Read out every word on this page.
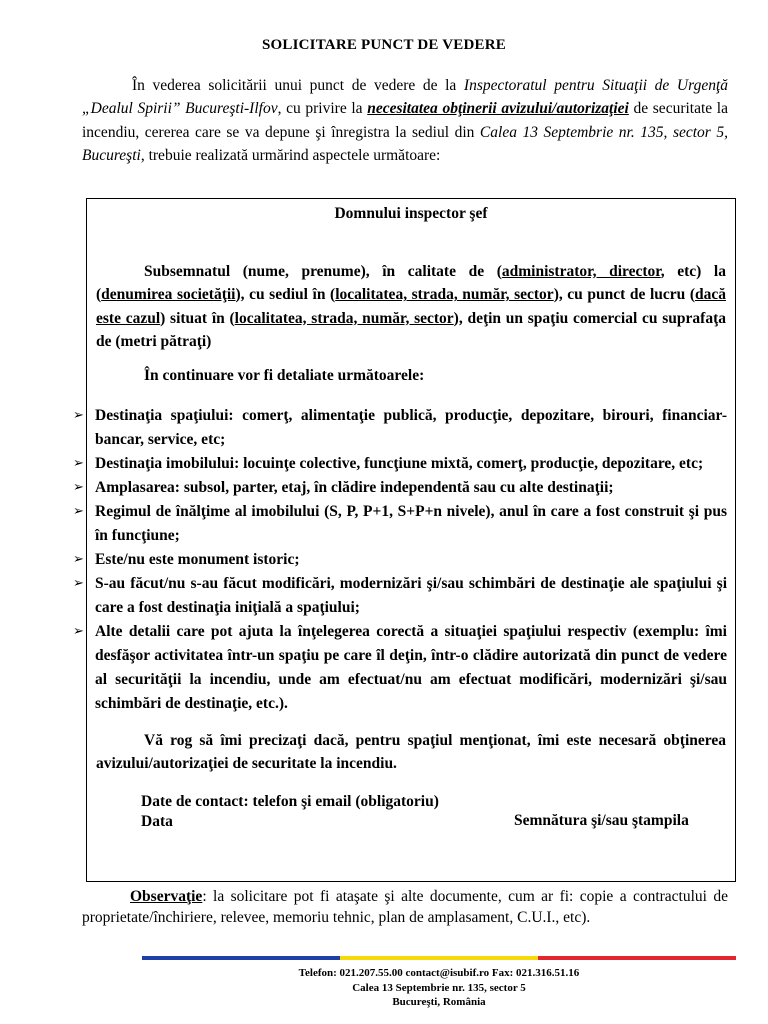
SOLICITARE PUNCT DE VEDERE
În vederea solicitării unui punct de vedere de la Inspectoratul pentru Situaţii de Urgenţă „Dealul Spirii” Bucureşti-Ilfov, cu privire la necesitatea obţinerii avizului/autorizaţiei de securitate la incendiu, cererea care se va depune şi înregistra la sediul din Calea 13 Septembrie nr. 135, sector 5, Bucureşti, trebuie realizată urmărind aspectele următoare:
Domnului inspector şef
Subsemnatul (nume, prenume), în calitate de (administrator, director, etc) la (denumirea societăţii), cu sediul în (localitatea, strada, număr, sector), cu punct de lucru (dacă este cazul) situat în (localitatea, strada, număr, sector), deţin un spaţiu comercial cu suprafaţa de (metri pătraţi)
În continuare vor fi detaliate următoarele:
➢ Destinaţia spaţiului: comerţ, alimentaţie publică, producţie, depozitare, birouri, financiar-bancar, service, etc;
➢ Destinaţia imobilului: locuinţe colective, funcţiune mixtă, comerţ, producţie, depozitare, etc;
➢ Amplasarea: subsol, parter, etaj, în clădire independentă sau cu alte destinaţii;
➢ Regimul de înălţime al imobilului (S, P, P+1, S+P+n nivele), anul în care a fost construit şi pus în funcţiune;
➢ Este/nu este monument istoric;
➢ S-au făcut/nu s-au făcut modificări, modernizări şi/sau schimbări de destinaţie ale spaţiului şi care a fost destinaţia iniţială a spaţiului;
➢ Alte detalii care pot ajuta la înţelegerea corectă a situaţiei spaţiului respectiv (exemplu: îmi desfăşor activitatea într-un spaţiu pe care îl deţin, într-o clădire autorizată din punct de vedere al securităţii la incendiu, unde am efectuat/nu am efectuat modificări, modernizări şi/sau schimbări de destinaţie, etc.).
Vă rog să îmi precizaţi dacă, pentru spaţiul menţionat, îmi este necesară obţinerea avizului/autorizaţiei de securitate la incendiu.
Date de contact: telefon şi email (obligatoriu)
Data	Semnătura şi/sau ştampila
Observaţie: la solicitare pot fi ataşate şi alte documente, cum ar fi: copie a contractului de proprietate/închiriere, relevee, memoriu tehnic, plan de amplasament, C.U.I., etc).
Telefon: 021.207.55.00 contact@isubif.ro Fax: 021.316.51.16
Calea 13 Septembrie nr. 135, sector 5
Bucureşti, România
